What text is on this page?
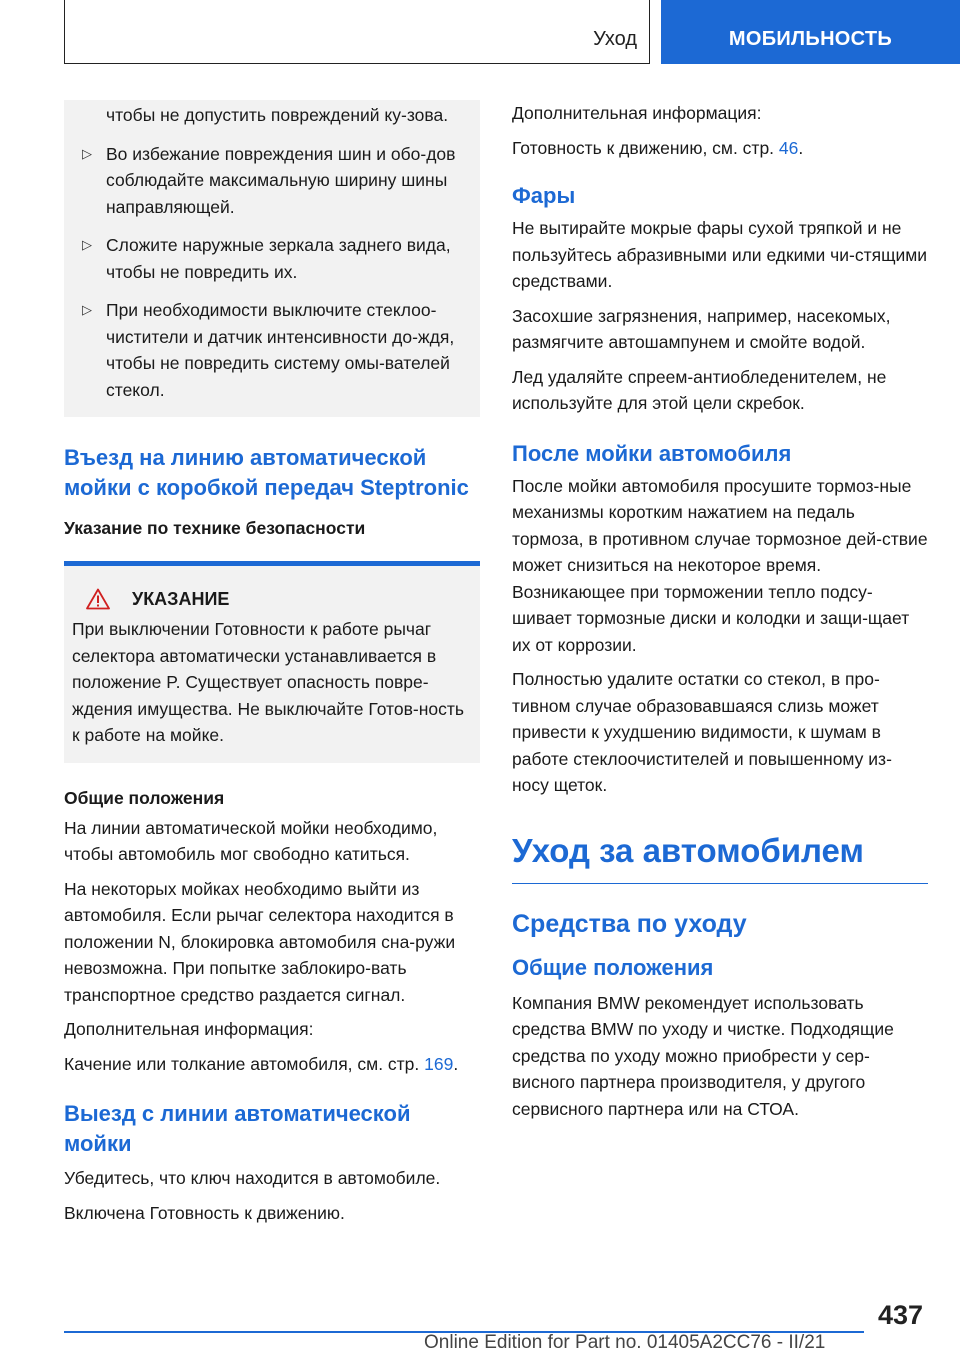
Уход	МОБИЛЬНОСТЬ
чтобы не допустить повреждений ку-зова.
▷ Во избежание повреждения шин и обо-дов соблюдайте максимальную ширину шины направляющей.
▷ Сложите наружные зеркала заднего вида, чтобы не повредить их.
▷ При необходимости выключите стеклоо-чистители и датчик интенсивности до-ждя, чтобы не повредить систему омы-вателей стекол.
Въезд на линию автоматической мойки с коробкой передач Steptronic
Указание по технике безопасности
УКАЗАНИЕ
При выключении Готовности к работе рычаг селектора автоматически устанавливается в положение P. Существует опасность повре-ждения имущества. Не выключайте Готов-ность к работе на мойке.
Общие положения

На линии автоматической мойки необходимо, чтобы автомобиль мог свободно катиться.

На некоторых мойках необходимо выйти из автомобиля. Если рычаг селектора находится в положении N, блокировка автомобиля сна-ружи невозможна. При попытке заблокиро-вать транспортное средство раздается сигнал.

Дополнительная информация:

Качение или толкание автомобиля, см. стр. 169.

Выезд с линии автоматической мойки

Убедитесь, что ключ находится в автомобиле.

Включена Готовность к движению.

Дополнительная информация:

Готовность к движению, см. стр. 46.

Фары

Не вытирайте мокрые фары сухой тряпкой и не пользуйтесь абразивными или едкими чи-стящими средствами.

Засохшие загрязнения, например, насекомых, размягчите автошампунем и смойте водой.

Лед удаляйте спреем-антиобледенителем, не используйте для этой цели скребок.

После мойки автомобиля

После мойки автомобиля просушите тормоз-ные механизмы коротким нажатием на педаль тормоза, в противном случае тормозное дей-ствие может снизиться на некоторое время. Возникающее при торможении тепло подсу-шивает тормозные диски и колодки и защи-щает их от коррозии.

Полностью удалите остатки со стекол, в про-тивном случае образовавшаяся слизь может привести к ухудшению видимости, к шумам в работе стеклоочистителей и повышенному из-носу щеток.

Уход за автомобилем
Средства по уходу
Общие положения

Компания BMW рекомендует использовать средства BMW по уходу и чистке. Подходящие средства по уходу можно приобрести у сер-висного партнера производителя, у другого сервисного партнера или на СТОА.

437
Online Edition for Part no. 01405A2CC76 - II/21
